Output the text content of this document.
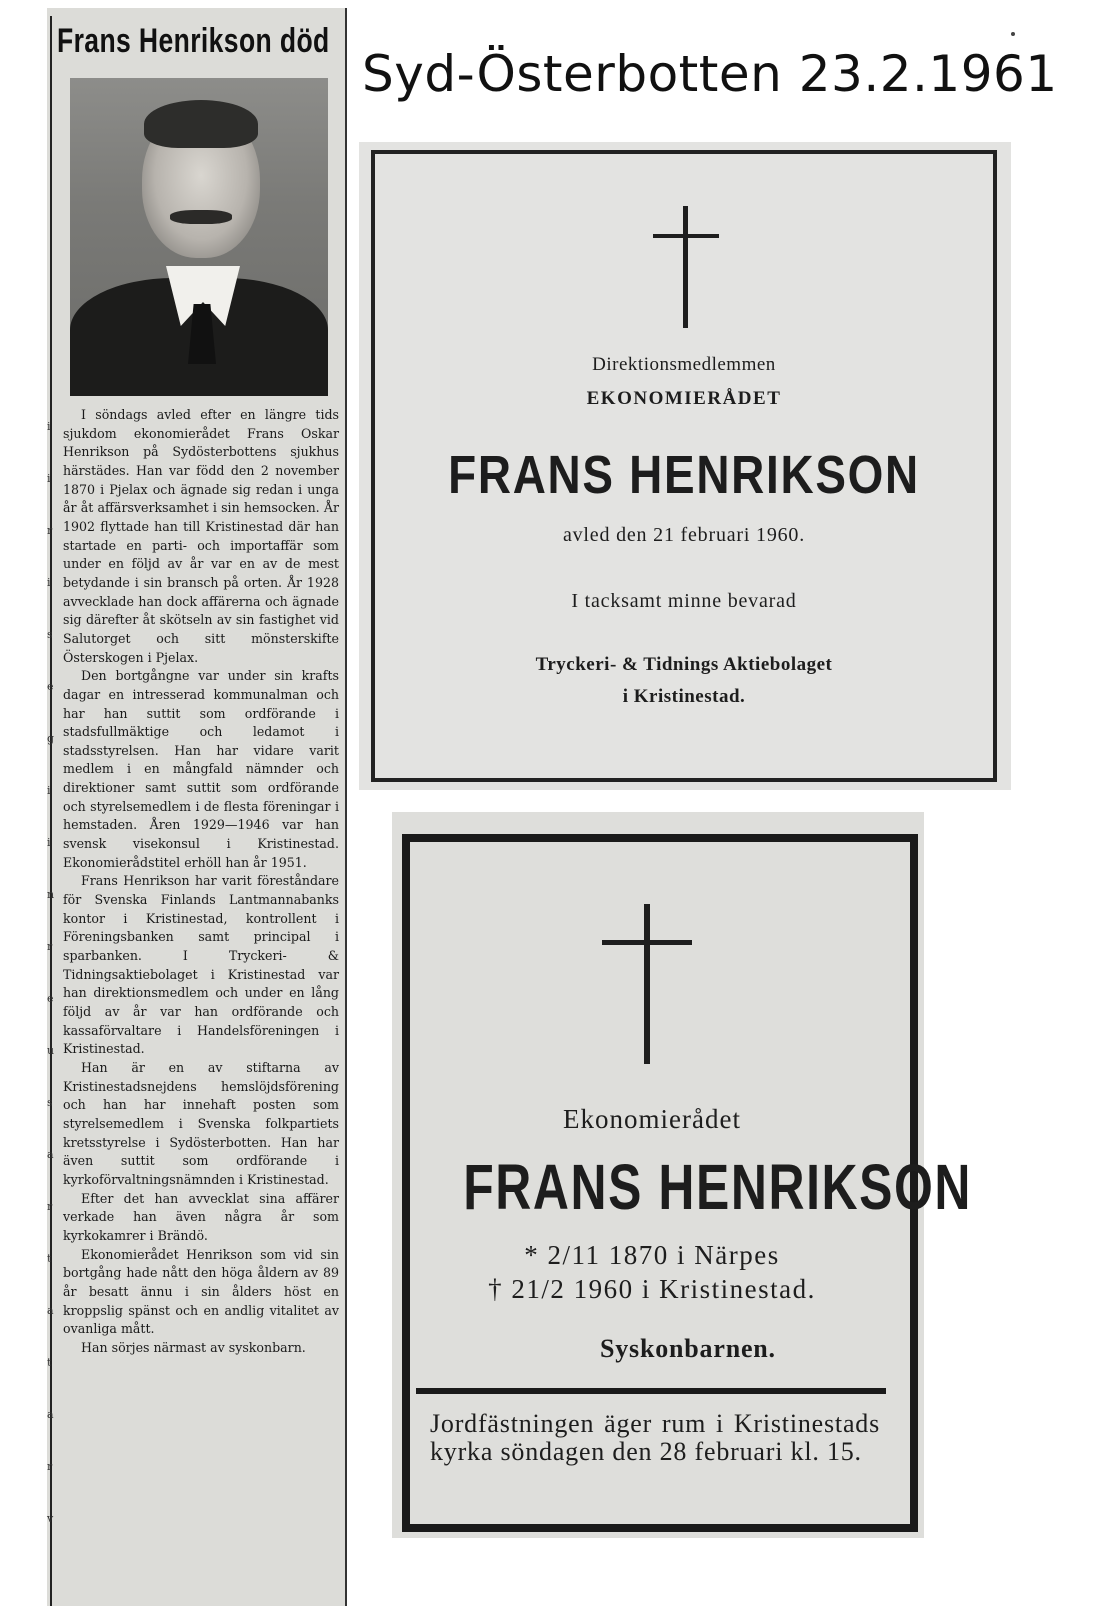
Syd-Österbotten 23.2.1961
Frans Henrikson död

I söndags avled efter en längre tids sjukdom ekonomierådet Frans Oskar Henrikson på Sydösterbottens sjukhus härstädes. Han var född den 2 november 1870 i Pjelax och ägnade sig redan i unga år åt affärsverksamhet i sin hemsocken. År 1902 flyttade han till Kristinestad där han startade en parti- och importaffär som under en följd av år var en av de mest betydande i sin bransch på orten. År 1928 avvecklade han dock affärerna och ägnade sig därefter åt skötseln av sin fastighet vid Salutorget och sitt mönsterskifte Österskogen i Pjelax.

Den bortgångne var under sin krafts dagar en intresserad kommunalman och har han suttit som ordförande i stadsfullmäktige och ledamot i stadsstyrelsen. Han har vidare varit medlem i en mångfald nämnder och direktioner samt suttit som ordförande och styrelsemedlem i de flesta föreningar i hemstaden. Åren 1929—1946 var han svensk visekonsul i Kristinestad. Ekonomierådstitel erhöll han år 1951.

Frans Henrikson har varit föreståndare för Svenska Finlands Lantmannabanks kontor i Kristinestad, kontrollent i Föreningsbanken samt principal i sparbanken. I Tryckeri- & Tidningsaktiebolaget i Kristinestad var han direktionsmedlem och under en lång följd av år var han ordförande och kassaförvaltare i Handelsföreningen i Kristinestad.

Han är en av stiftarna av Kristinestadsnejdens hemslöjdsförening och han har innehaft posten som styrelsemedlem i Svenska folkpartiets kretsstyrelse i Sydösterbotten. Han har även suttit som ordförande i kyrkoförvaltningsnämnden i Kristinestad.

Efter det han avvecklat sina affärer verkade han även några år som kyrkokamrer i Brändö.

Ekonomierådet Henrikson som vid sin bortgång hade nått den höga åldern av 89 år besatt ännu i sin ålders höst en kroppslig spänst och en andlig vitalitet av ovanliga mått.

Han sörjes närmast av syskonbarn.

i
i
r
i
s
e
g
i
i
n
r
e
u
s
a
r
t
a
t
a
r
v
Direktionsmedlemmen
EKONOMIERÅDET
FRANS HENRIKSON
avled den 21 februari 1960.
I tacksamt minne bevarad
Tryckeri- & Tidnings Aktiebolaget
i Kristinestad.
Ekonomierådet
FRANS HENRIKSON
* 2/11 1870 i Närpes
† 21/2 1960 i Kristinestad.
Syskonbarnen.
Jordfästningen äger rum i Kristinestads kyrka söndagen den 28 februari kl. 15.
